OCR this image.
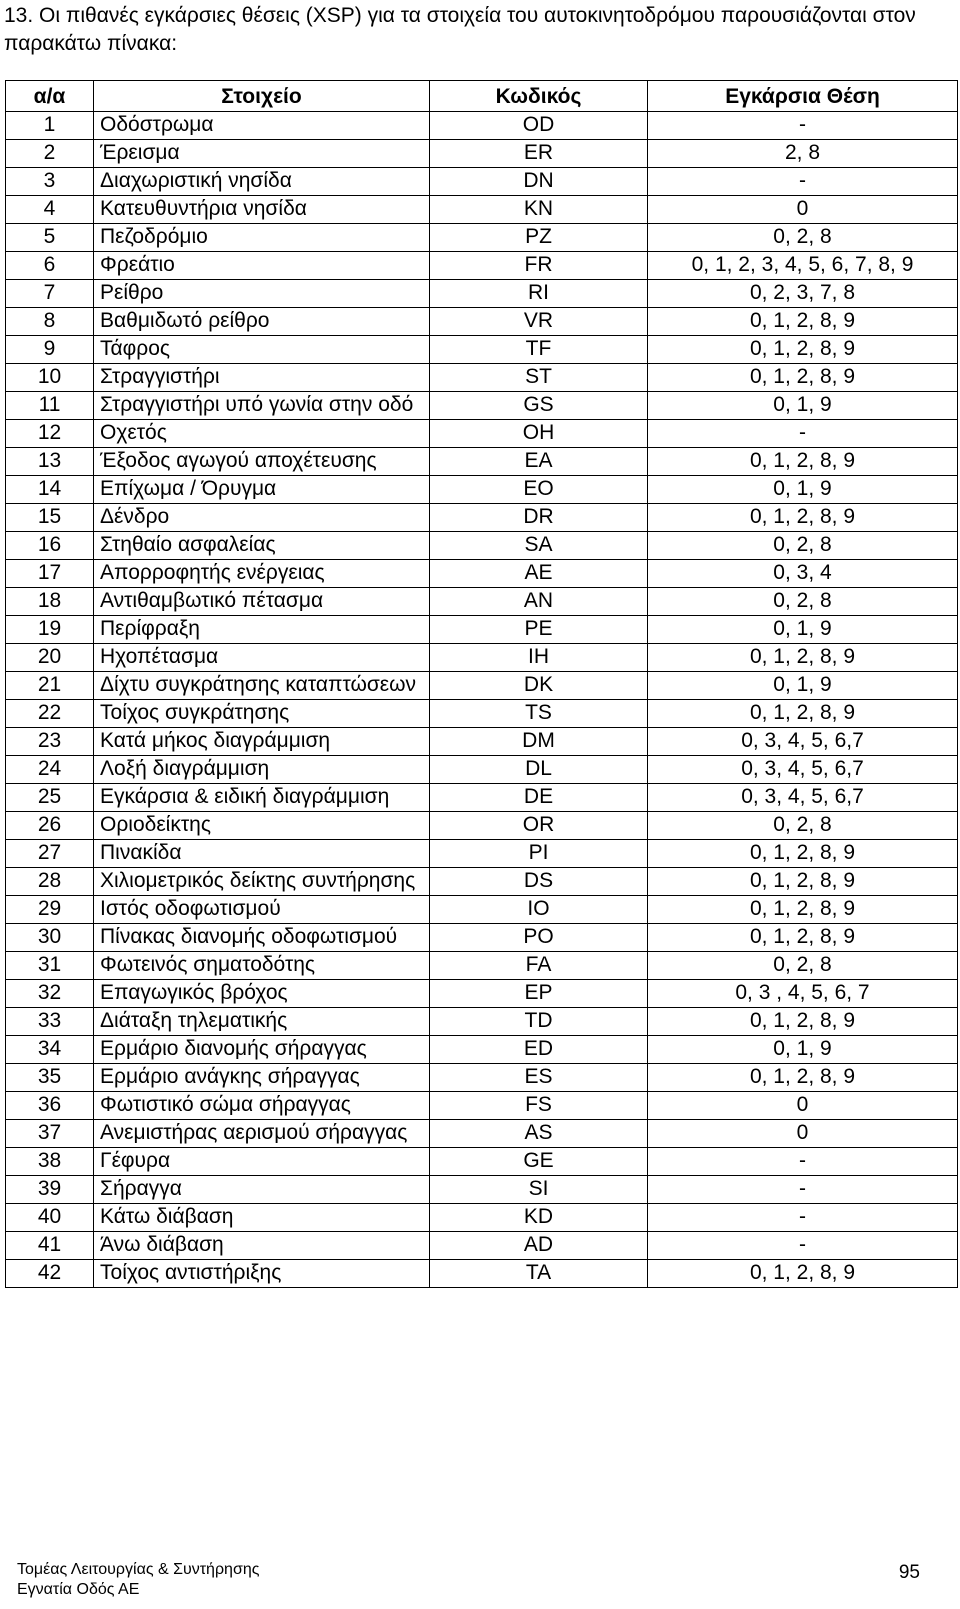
13. Οι πιθανές εγκάρσιες θέσεις (XSP) για τα στοιχεία του αυτοκινητοδρόμου παρουσιάζονται στον παρακάτω πίνακα:

α/α	Στοιχείο	Κωδικός	Εγκάρσια Θέση
1	Οδόστρωμα	OD	-
2	Έρεισμα	ER	2, 8
3	Διαχωριστική νησίδα	DN	-
4	Κατευθυντήρια νησίδα	KN	0
5	Πεζοδρόμιο	PZ	0, 2, 8
6	Φρεάτιο	FR	0, 1, 2, 3, 4, 5, 6, 7, 8, 9
7	Ρείθρο	RI	0, 2, 3, 7, 8
8	Βαθμιδωτό ρείθρο	VR	0, 1, 2, 8, 9
9	Τάφρος	TF	0, 1, 2, 8, 9
10	Στραγγιστήρι	ST	0, 1, 2, 8, 9
11	Στραγγιστήρι υπό γωνία στην οδό	GS	0, 1, 9
12	Οχετός	OH	-
13	Έξοδος αγωγού αποχέτευσης	EA	0, 1, 2, 8, 9
14	Επίχωμα / Όρυγμα	EO	0, 1, 9
15	Δένδρο	DR	0, 1, 2, 8, 9
16	Στηθαίο ασφαλείας	SA	0, 2, 8
17	Απορροφητής ενέργειας	AE	0, 3, 4
18	Αντιθαμβωτικό πέτασμα	AN	0, 2, 8
19	Περίφραξη	PE	0, 1, 9
20	Ηχοπέτασμα	IH	0, 1, 2, 8, 9
21	Δίχτυ συγκράτησης καταπτώσεων	DK	0, 1, 9
22	Τοίχος συγκράτησης	TS	0, 1, 2, 8, 9
23	Κατά μήκος διαγράμμιση	DM	0, 3, 4, 5, 6,7
24	Λοξή διαγράμμιση	DL	0, 3, 4, 5, 6,7
25	Εγκάρσια & ειδική διαγράμμιση	DE	0, 3, 4, 5, 6,7
26	Οριοδείκτης	OR	0, 2, 8
27	Πινακίδα	PI	0, 1, 2, 8, 9
28	Χιλιομετρικός δείκτης συντήρησης	DS	0, 1, 2, 8, 9
29	Ιστός οδοφωτισμού	IO	0, 1, 2, 8, 9
30	Πίνακας διανομής οδοφωτισμού	PO	0, 1, 2, 8, 9
31	Φωτεινός σηματοδότης	FA	0, 2, 8
32	Επαγωγικός βρόχος	EP	0, 3 , 4, 5, 6, 7
33	Διάταξη τηλεματικής	TD	0, 1, 2, 8, 9
34	Ερμάριο διανομής σήραγγας	ED	0, 1, 9
35	Ερμάριο ανάγκης σήραγγας	ES	0, 1, 2, 8, 9
36	Φωτιστικό σώμα σήραγγας	FS	0
37	Ανεμιστήρας αερισμού σήραγγας	AS	0
38	Γέφυρα	GE	-
39	Σήραγγα	SI	-
40	Κάτω διάβαση	KD	-
41	Άνω διάβαση	AD	-
42	Τοίχος αντιστήριξης	TA	0, 1, 2, 8, 9
Τομέας Λειτουργίας & Συντήρησης
Εγνατία Οδός ΑΕ
95
